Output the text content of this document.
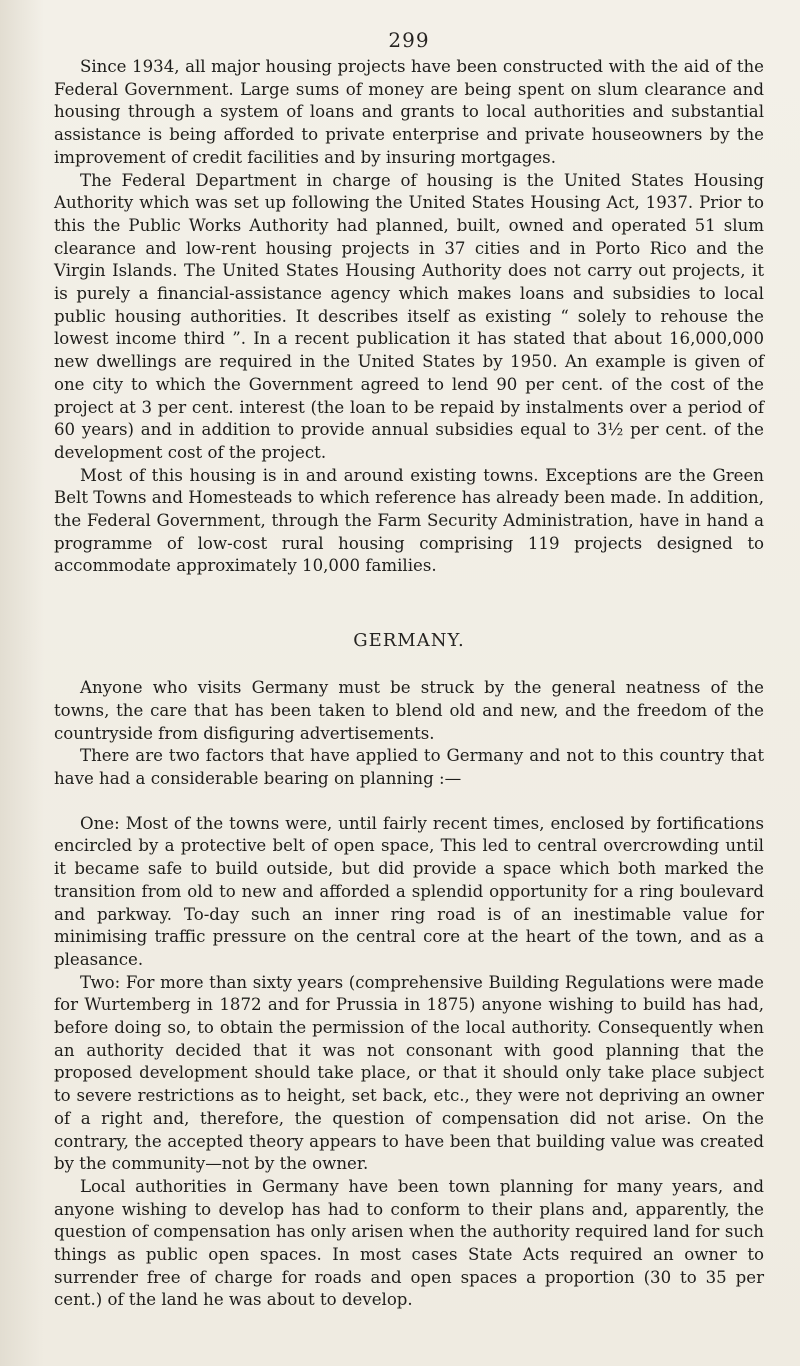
299

Since 1934, all major housing projects have been constructed with the aid of the Federal Government. Large sums of money are being spent on slum clearance and housing through a system of loans and grants to local authorities and substantial assistance is being afforded to private enterprise and private houseowners by the improvement of credit facilities and by insuring mortgages.

The Federal Department in charge of housing is the United States Housing Authority which was set up following the United States Housing Act, 1937. Prior to this the Public Works Authority had planned, built, owned and operated 51 slum clearance and low-rent housing projects in 37 cities and in Porto Rico and the Virgin Islands. The United States Housing Authority does not carry out projects, it is purely a financial-assistance agency which makes loans and subsidies to local public housing authorities. It describes itself as existing “ solely to rehouse the lowest income third ”. In a recent publication it has stated that about 16,000,000 new dwellings are required in the United States by 1950. An example is given of one city to which the Government agreed to lend 90 per cent. of the cost of the project at 3 per cent. interest (the loan to be repaid by instalments over a period of 60 years) and in addition to provide annual subsidies equal to 3½ per cent. of the development cost of the project.

Most of this housing is in and around existing towns. Exceptions are the Green Belt Towns and Homesteads to which reference has already been made. In addition, the Federal Government, through the Farm Security Administration, have in hand a programme of low-cost rural housing comprising 119 projects designed to accommodate approximately 10,000 families.

GERMANY.

Anyone who visits Germany must be struck by the general neatness of the towns, the care that has been taken to blend old and new, and the freedom of the countryside from disfiguring advertisements.

There are two factors that have applied to Germany and not to this country that have had a considerable bearing on planning :—

One: Most of the towns were, until fairly recent times, enclosed by fortifications encircled by a protective belt of open space, This led to central overcrowding until it became safe to build outside, but did provide a space which both marked the transition from old to new and afforded a splendid opportunity for a ring boulevard and parkway. To-day such an inner ring road is of an inestimable value for minimising traffic pressure on the central core at the heart of the town, and as a pleasance.

Two: For more than sixty years (comprehensive Building Regulations were made for Wurtemberg in 1872 and for Prussia in 1875) anyone wishing to build has had, before doing so, to obtain the permission of the local authority. Consequently when an authority decided that it was not consonant with good planning that the proposed development should take place, or that it should only take place subject to severe restrictions as to height, set back, etc., they were not depriving an owner of a right and, therefore, the question of compensation did not arise. On the contrary, the accepted theory appears to have been that building value was created by the community—not by the owner.

Local authorities in Germany have been town planning for many years, and anyone wishing to develop has had to conform to their plans and, apparently, the question of compensation has only arisen when the authority required land for such things as public open spaces. In most cases State Acts required an owner to surrender free of charge for roads and open spaces a proportion (30 to 35 per cent.) of the land he was about to develop.
